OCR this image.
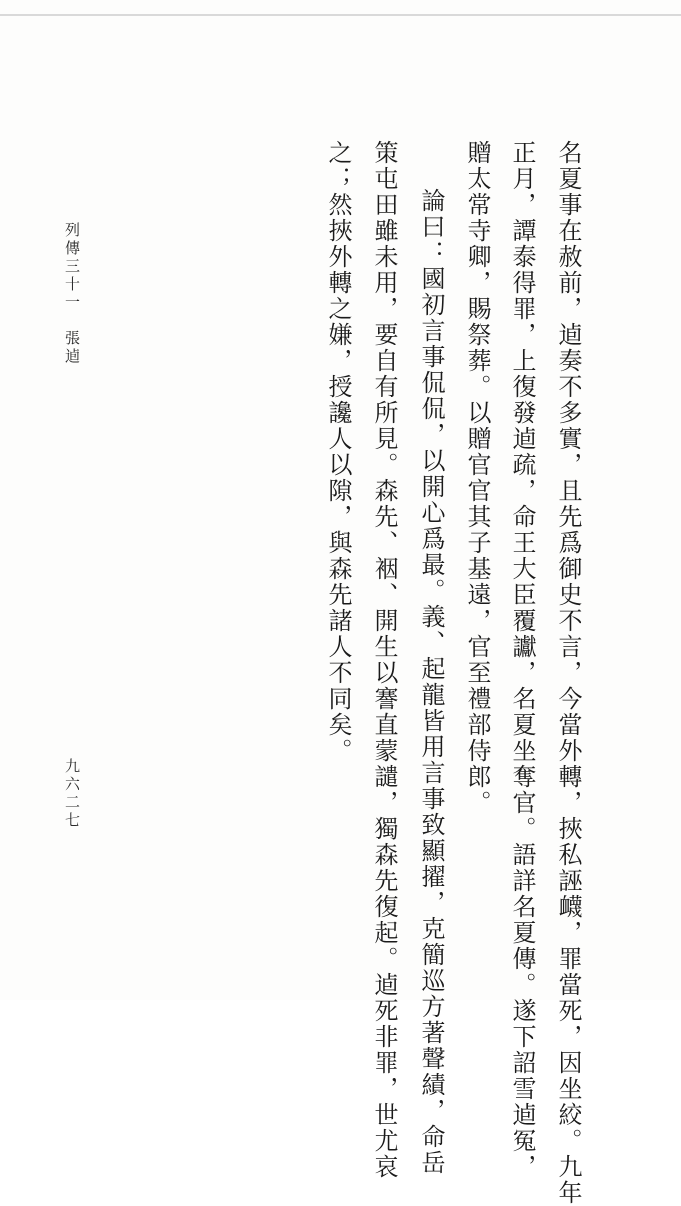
列傳三十一
張逌
九六二七	名夏事在赦前，逌奏不多實，且先爲御史不言，今當外轉，挾私誣衊，罪當死，因坐絞。九年
正月，譚泰得罪，上復發逌疏，命王大臣覆讞，名夏坐奪官。語詳名夏傳。遂下詔雪逌冤，
贈太常寺卿，賜祭葬。以贈官官其子基遠，官至禮部侍郎。
論曰：國初言事侃侃，以開心爲最。義、起龍皆用言事致顯擢，克簡巡方著聲績，命岳
策屯田雖未用，要自有所見。森先、裀、開生以謇直蒙譴，獨森先復起。逌死非罪，世尤哀
之；然挾外轉之嫌，授讒人以隙，與森先諸人不同矣。
